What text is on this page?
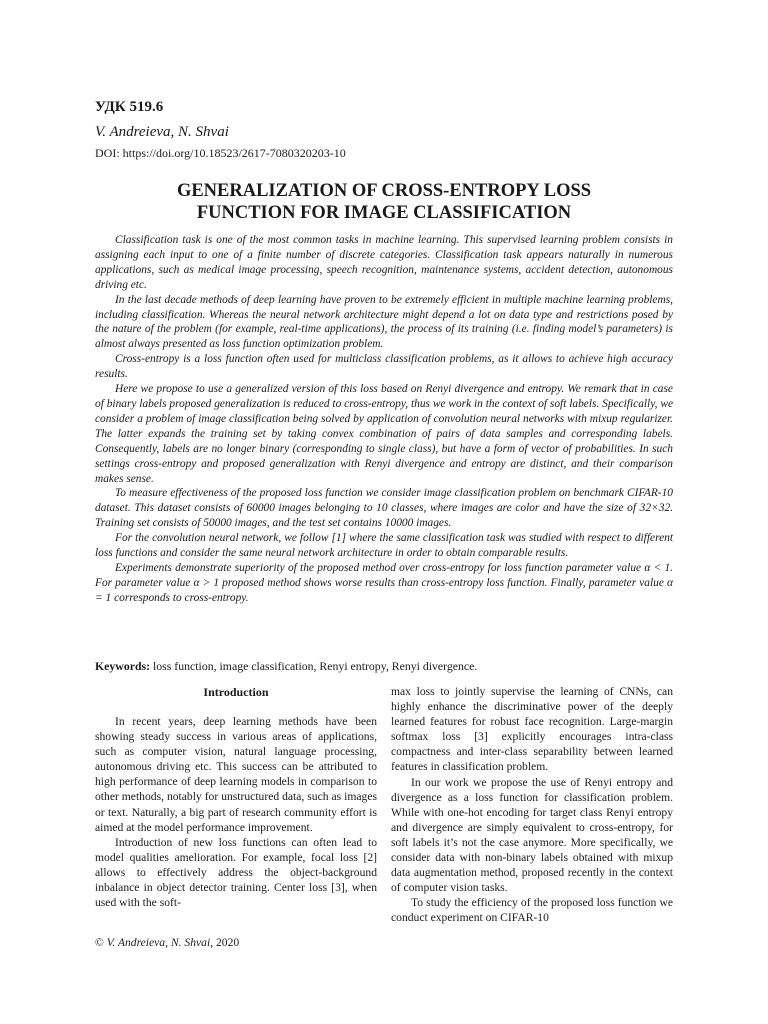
УДК 519.6
V. Andreieva, N. Shvai
DOI: https://doi.org/10.18523/2617-7080320203-10
GENERALIZATION OF CROSS-ENTROPY LOSS
FUNCTION FOR IMAGE CLASSIFICATION

Classification task is one of the most common tasks in machine learning. This supervised learning problem consists in assigning each input to one of a finite number of discrete categories. Classification task appears naturally in numerous applications, such as medical image processing, speech recognition, maintenance systems, accident detection, autonomous driving etc.

In the last decade methods of deep learning have proven to be extremely efficient in multiple machine learning problems, including classification. Whereas the neural network architecture might depend a lot on data type and restrictions posed by the nature of the problem (for example, real-time applications), the process of its training (i.e. finding model’s parameters) is almost always presented as loss function optimization problem.

Cross-entropy is a loss function often used for multiclass classification problems, as it allows to achieve high accuracy results.

Here we propose to use a generalized version of this loss based on Renyi divergence and entropy. We remark that in case of binary labels proposed generalization is reduced to cross-entropy, thus we work in the context of soft labels. Specifically, we consider a problem of image classification being solved by application of convolution neural networks with mixup regularizer. The latter expands the training set by taking convex combination of pairs of data samples and corresponding labels. Consequently, labels are no longer binary (corresponding to single class), but have a form of vector of probabilities. In such settings cross-entropy and proposed generalization with Renyi divergence and entropy are distinct, and their comparison makes sense.

To measure effectiveness of the proposed loss function we consider image classification problem on benchmark CIFAR-10 dataset. This dataset consists of 60000 images belonging to 10 classes, where images are color and have the size of 32×32. Training set consists of 50000 images, and the test set contains 10000 images.

For the convolution neural network, we follow [1] where the same classification task was studied with respect to different loss functions and consider the same neural network architecture in order to obtain comparable results.

Experiments demonstrate superiority of the proposed method over cross-entropy for loss function parameter value α < 1. For parameter value α > 1 proposed method shows worse results than cross-entropy loss function. Finally, parameter value α = 1 corresponds to cross-entropy.

Keywords: loss function, image classification, Renyi entropy, Renyi divergence.
Introduction

In recent years, deep learning methods have been showing steady success in various areas of applications, such as computer vision, natural language processing, autonomous driving etc. This success can be attributed to high performance of deep learning models in comparison to other methods, notably for unstructured data, such as images or text. Naturally, a big part of research community effort is aimed at the model performance improvement.

Introduction of new loss functions can often lead to model qualities amelioration. For example, focal loss [2] allows to effectively address the object-background inbalance in object detector training. Center loss [3], when used with the soft-

max loss to jointly supervise the learning of CNNs, can highly enhance the discriminative power of the deeply learned features for robust face recognition. Large-margin softmax loss [3] explicitly encourages intra-class compactness and inter-class separability between learned features in classification problem.

In our work we propose the use of Renyi entropy and divergence as a loss function for classification problem. While with one-hot encoding for target class Renyi entropy and divergence are simply equivalent to cross-entropy, for soft labels it’s not the case anymore. More specifically, we consider data with non-binary labels obtained with mixup data augmentation method, proposed recently in the context of computer vision tasks.

To study the efficiency of the proposed loss function we conduct experiment on CIFAR-10

© V. Andreieva, N. Shvai, 2020
